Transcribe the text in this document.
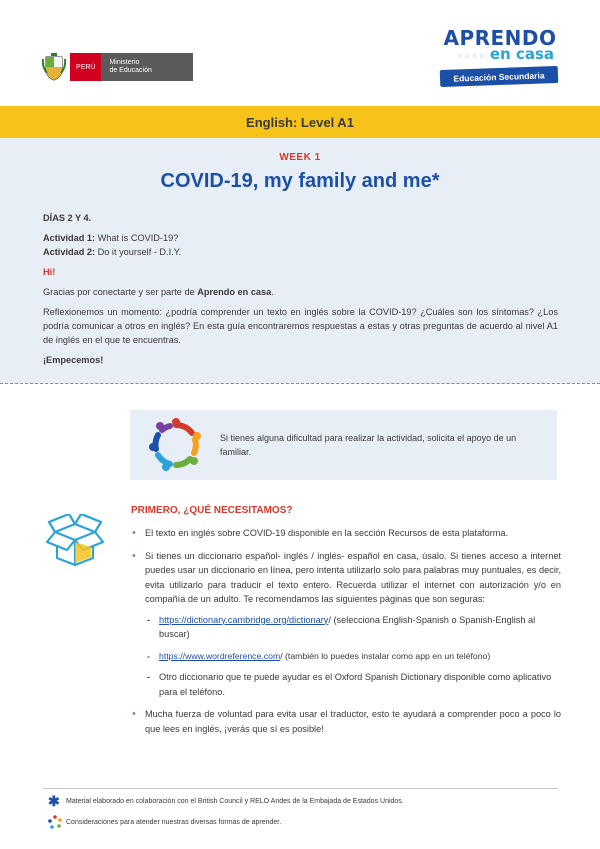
PERÚ
Ministerio
de Educación
APRENDO
◌◌◌◌ en casa
Educación Secundaria
English: Level A1
WEEK 1
COVID-19, my family and me*

DÍAS 2 Y 4.

Actividad 1: What is COVID-19?

Actividad 2: Do it yourself - D.I.Y.

Hi!

Gracias por conectarte y ser parte de Aprendo en casa.

Reflexionemos un momento: ¿podría comprender un texto en inglés sobre la COVID-19? ¿Cuáles son los síntomas? ¿Los podría comunicar a otros en inglés? En esta guía encontraremos respuestas a estas y otras preguntas de acuerdo al nivel A1 de inglés en el que te encuentras.

¡Empecemos!

Si tienes alguna dificultad para realizar la actividad, solicita el apoyo de un familiar.
PRIMERO, ¿QUÉ NECESITAMOS?
• El texto en inglés sobre COVID-19 disponible en la sección Recursos de esta plataforma.
• Si tienes un diccionario español- inglés / inglés- español en casa, úsalo. Si tienes acceso a internet puedes usar un diccionario en línea, pero intenta utilizarlo solo para palabras muy puntuales, es decir, evita utilizarlo para traducir el texto entero. Recuerda utilizar el internet con autorización y/o en compañía de un adulto. Te recomendamos las siguientes páginas que son seguras:
- https://dictionary.cambridge.org/dictionary/ (selecciona English-Spanish o Spanish-English al buscar)
- https://www.wordreference.com/ (también lo puedes instalar como app en un teléfono)
- Otro diccionario que te puede ayudar es el Oxford Spanish Dictionary disponible como aplicativo para el teléfono.
• Mucha fuerza de voluntad para evita usar el traductor, esto te ayudará a comprender poco a poco lo que lees en inglés, ¡verás que sí es posible!
✱ Material elaborado en colaboración con el British Council y RELO Andes de la Embajada de Estados Unidos.
Consideraciones para atender nuestras diversas formas de aprender.
